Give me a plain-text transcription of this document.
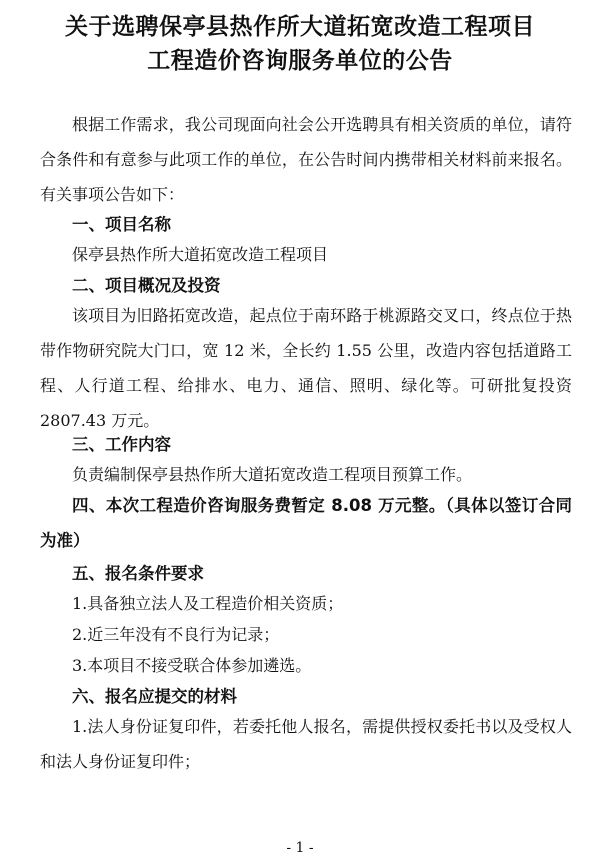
关于选聘保亭县热作所大道拓宽改造工程项目
工程造价咨询服务单位的公告

根据工作需求，我公司现面向社会公开选聘具有相关资质的单位，请符合条件和有意参与此项工作的单位，在公告时间内携带相关材料前来报名。有关事项公告如下：

一、项目名称

保亭县热作所大道拓宽改造工程项目

二、项目概况及投资

该项目为旧路拓宽改造，起点位于南环路于桃源路交叉口，终点位于热带作物研究院大门口，宽 12 米，全长约 1.55 公里，改造内容包括道路工程、人行道工程、给排水、电力、通信、照明、绿化等。可研批复投资 2807.43 万元。

三、工作内容

负责编制保亭县热作所大道拓宽改造工程项目预算工作。

四、本次工程造价咨询服务费暂定 8.08 万元整。（具体以签订合同为准）

五、报名条件要求

1.具备独立法人及工程造价相关资质；

2.近三年没有不良行为记录；

3.本项目不接受联合体参加遴选。

六、报名应提交的材料

1.法人身份证复印件，若委托他人报名，需提供授权委托书以及受权人和法人身份证复印件；

- 1 -
